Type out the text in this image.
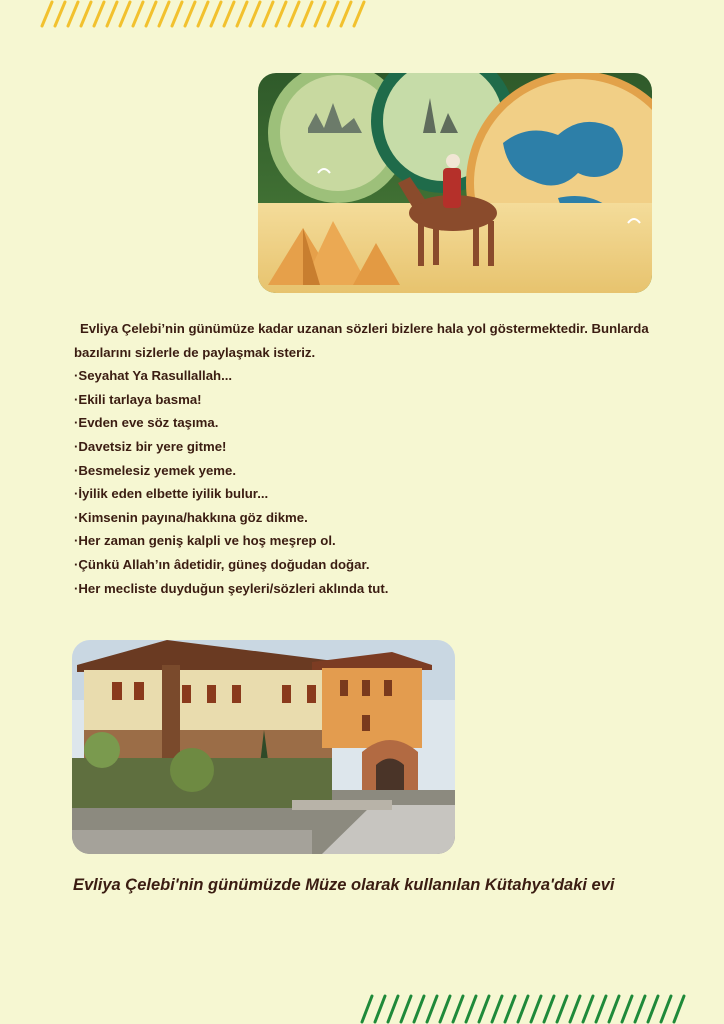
Evliya Çelebi’nin günümüze kadar uzanan sözleri bizlere hala yol göstermektedir. Bunlarda bazılarını sizlerle de paylaşmak isteriz.

·Seyahat Ya Rasullallah...

·Ekili tarlaya basma!

·Evden eve söz taşıma.

·Davetsiz bir yere gitme!

·Besmelesiz yemek yeme.

·İyilik eden elbette iyilik bulur...

·Kimsenin payına/hakkına göz dikme.

·Her zaman geniş kalpli ve hoş meşrep ol.

·Çünkü Allah’ın âdetidir, güneş doğudan doğar.

·Her mecliste duyduğun şeyleri/sözleri aklında tut.

Evliya Çelebi'nin günümüzde Müze olarak kullanılan Kütahya'daki evi
